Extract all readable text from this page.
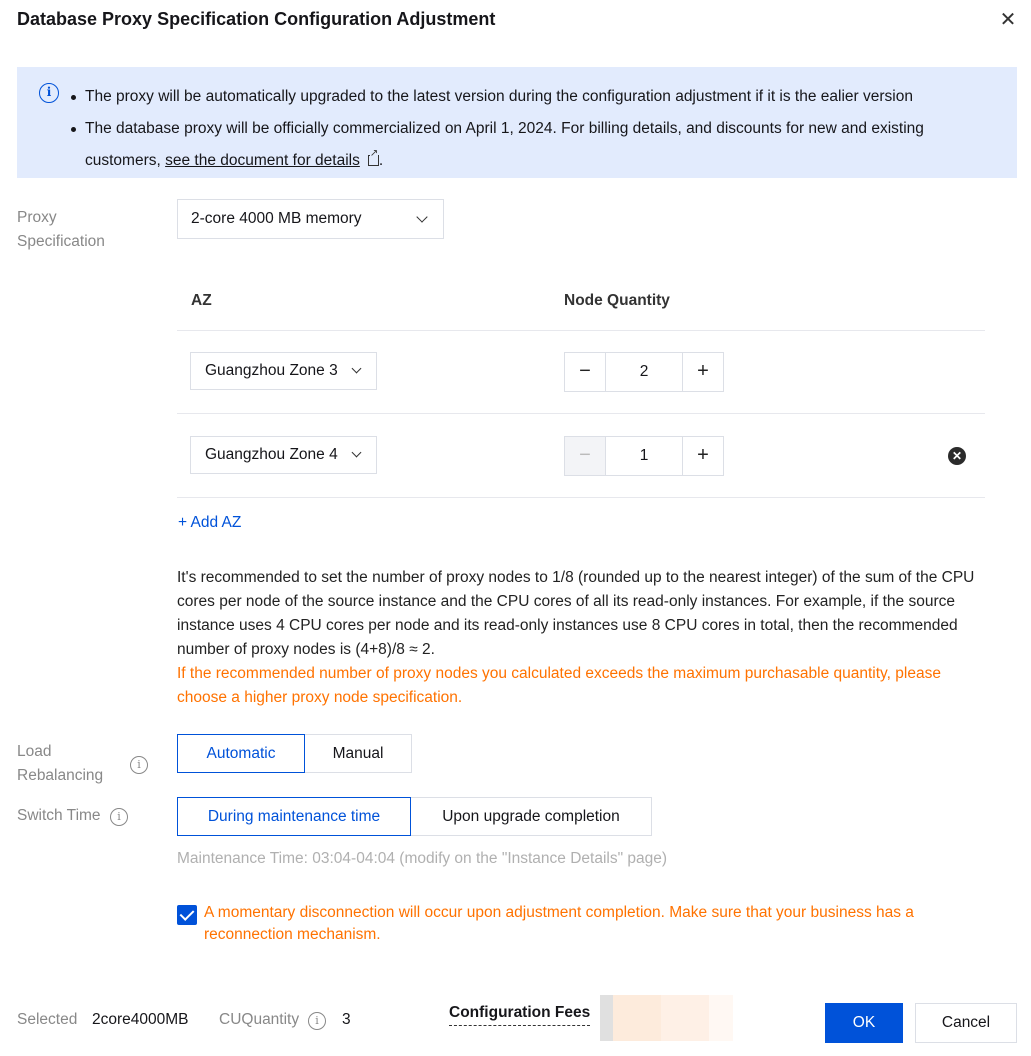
Database Proxy Specification Configuration Adjustment	✕
i	The proxy will be automatically upgraded to the latest version during the configuration adjustment if it is the ealier version
The database proxy will be officially commercialized on April 1, 2024. For billing details, and discounts for new and existing customers, see the document for details ↗ .
Proxy Specification
2-core 4000 MB memory
AZ	Node Quantity
Guangzhou Zone 3	−	2	+
Guangzhou Zone 4	−	1	+	✕
+ Add AZ
It's recommended to set the number of proxy nodes to 1/8 (rounded up to the nearest integer) of the sum of the CPU cores per node of the source instance and the CPU cores of all its read-only instances. For example, if the source instance uses 4 CPU cores per node and its read-only instances use 8 CPU cores in total, then the recommended number of proxy nodes is (4+8)/8 ≈ 2.
If the recommended number of proxy nodes you calculated exceeds the maximum purchasable quantity, please choose a higher proxy node specification.
Load
Rebalancing
i
Automatic	Manual
Switch Time	i	During maintenance time	Upon upgrade completion
Maintenance Time: 03:04-04:04 (modify on the "Instance Details" page)
A momentary disconnection will occur upon adjustment completion. Make sure that your business has a reconnection mechanism.
Selected 2core4000MB CUQuantity	i	3	Configuration Fees
OK	Cancel
